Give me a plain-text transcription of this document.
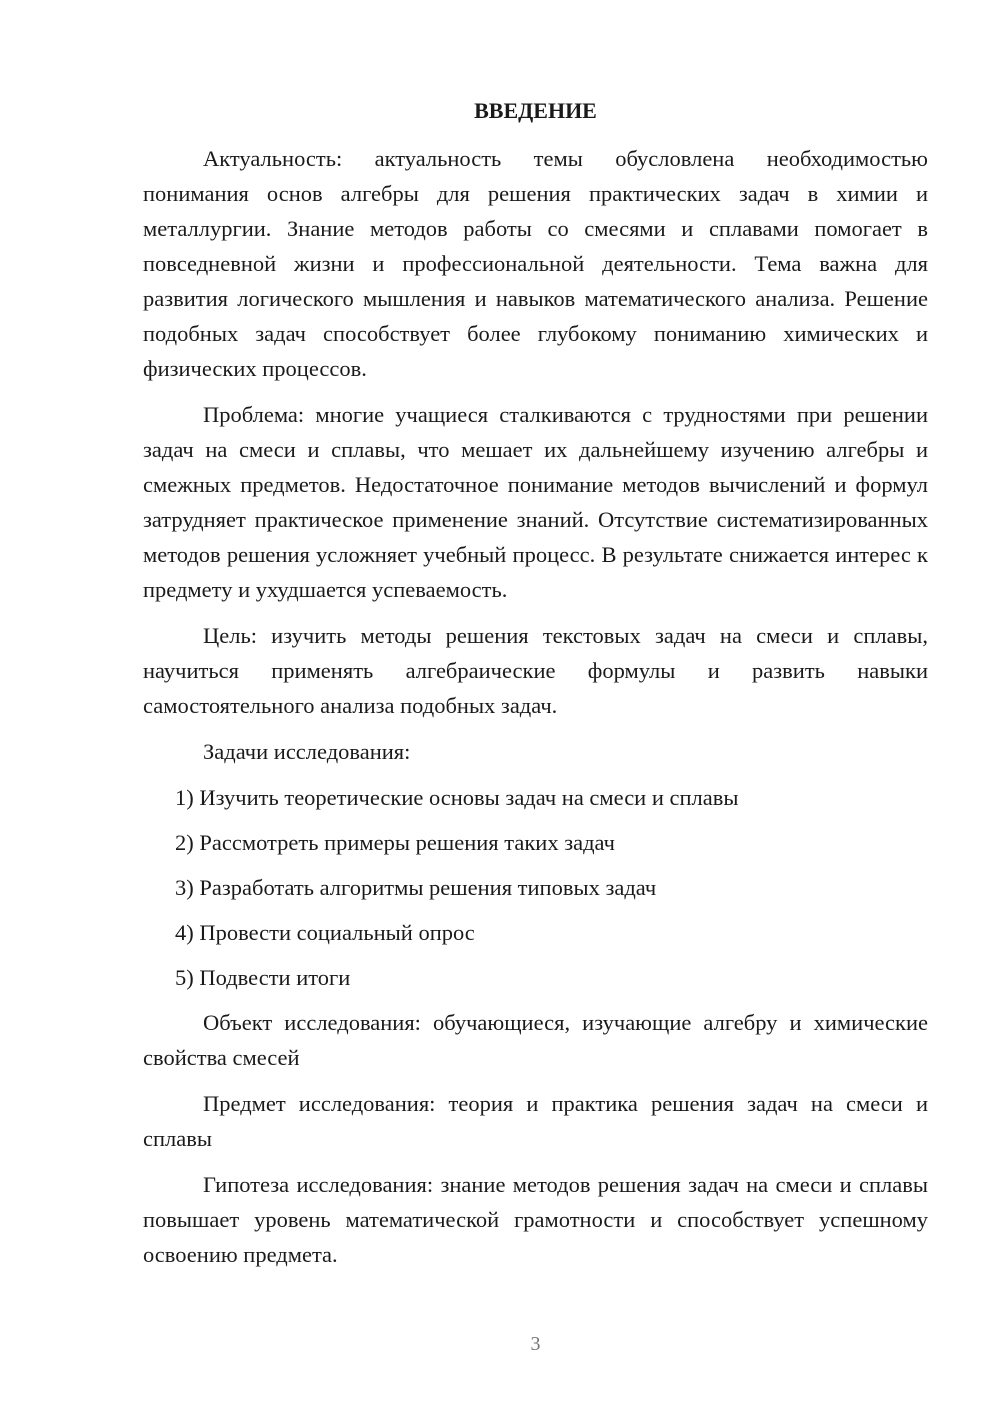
ВВЕДЕНИЕ

Актуальность: актуальность темы обусловлена необходимостью понимания основ алгебры для решения практических задач в химии и металлургии. Знание методов работы со смесями и сплавами помогает в повседневной жизни и профессиональной деятельности. Тема важна для развития логического мышления и навыков математического анализа. Решение подобных задач способствует более глубокому пониманию химических и физических процессов.

Проблема: многие учащиеся сталкиваются с трудностями при решении задач на смеси и сплавы, что мешает их дальнейшему изучению алгебры и смежных предметов. Недостаточное понимание методов вычислений и формул затрудняет практическое применение знаний. Отсутствие систематизированных методов решения усложняет учебный процесс. В результате снижается интерес к предмету и ухудшается успеваемость.

Цель: изучить методы решения текстовых задач на смеси и сплавы, научиться применять алгебраические формулы и развить навыки самостоятельного анализа подобных задач.

Задачи исследования:

1) Изучить теоретические основы задач на смеси и сплавы
2) Рассмотреть примеры решения таких задач
3) Разработать алгоритмы решения типовых задач
4) Провести социальный опрос
5) Подвести итоги

Объект исследования: обучающиеся, изучающие алгебру и химические свойства смесей

Предмет исследования: теория и практика решения задач на смеси и сплавы

Гипотеза исследования: знание методов решения задач на смеси и сплавы повышает уровень математической грамотности и способствует успешному освоению предмета.

3
